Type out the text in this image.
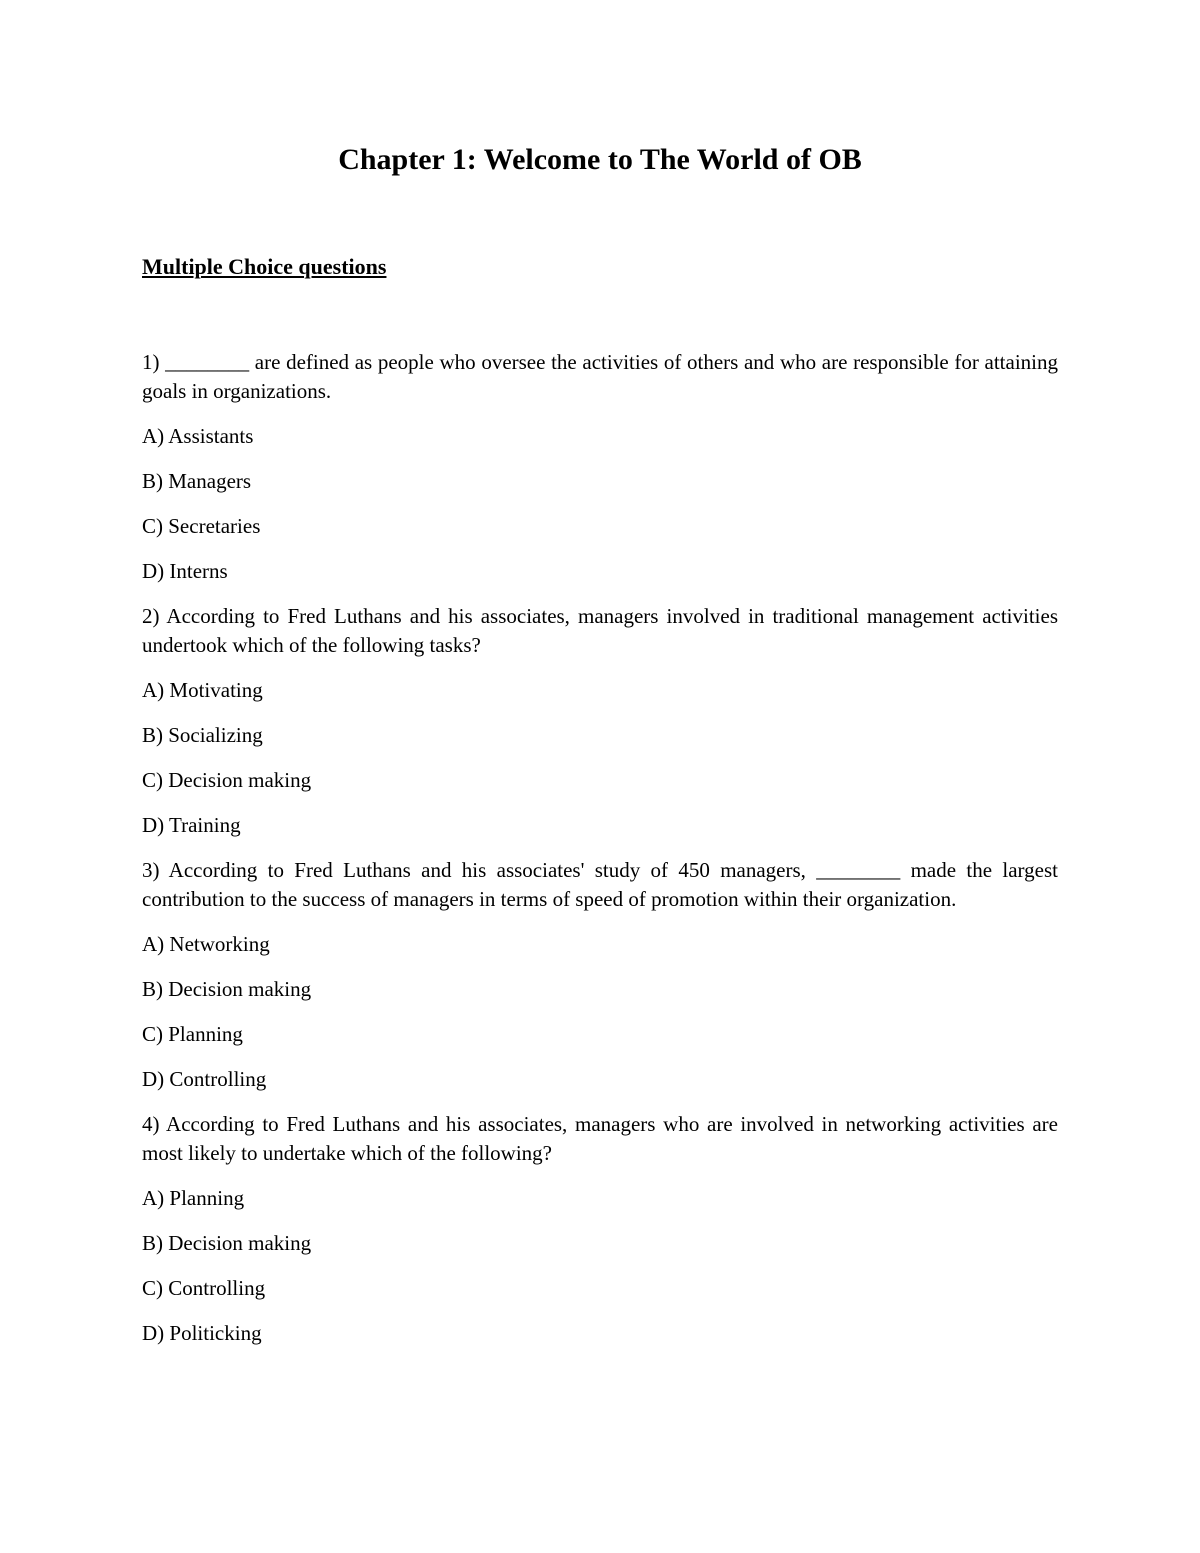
Chapter 1: Welcome to The World of OB
Multiple Choice questions

1) ________ are defined as people who oversee the activities of others and who are responsible for attaining goals in organizations.

A) Assistants

B) Managers

C) Secretaries

D) Interns

2) According to Fred Luthans and his associates, managers involved in traditional management activities undertook which of the following tasks?

A) Motivating

B) Socializing

C) Decision making

D) Training

3) According to Fred Luthans and his associates' study of 450 managers, ________ made the largest contribution to the success of managers in terms of speed of promotion within their organization.

A) Networking

B) Decision making

C) Planning

D) Controlling

4) According to Fred Luthans and his associates, managers who are involved in networking activities are most likely to undertake which of the following?

A) Planning

B) Decision making

C) Controlling

D) Politicking
